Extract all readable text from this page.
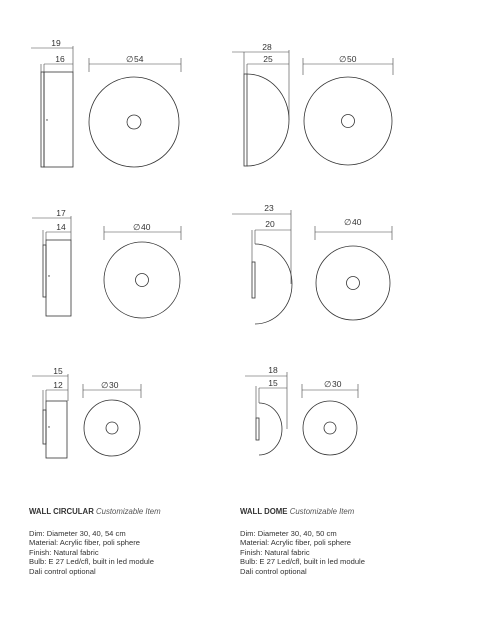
19
16	∅ 54
28
25	∅ 50
17
14	∅ 40
23
20	∅ 40
15
12	∅ 30
18
15	∅ 30
WALL CIRCULAR Customizable Item
Dim: Diameter 30, 40, 54 cm
Material: Acrylic fiber, poli sphere
Finish: Natural fabric
Bulb: E 27 Led/cfl, built in led module
Dali control optional
WALL DOME Customizable Item
Dim: Diameter 30, 40, 50 cm
Material: Acrylic fiber, poli sphere
Finish: Natural fabric
Bulb: E 27 Led/cfl, built in led module
Dali control optional
